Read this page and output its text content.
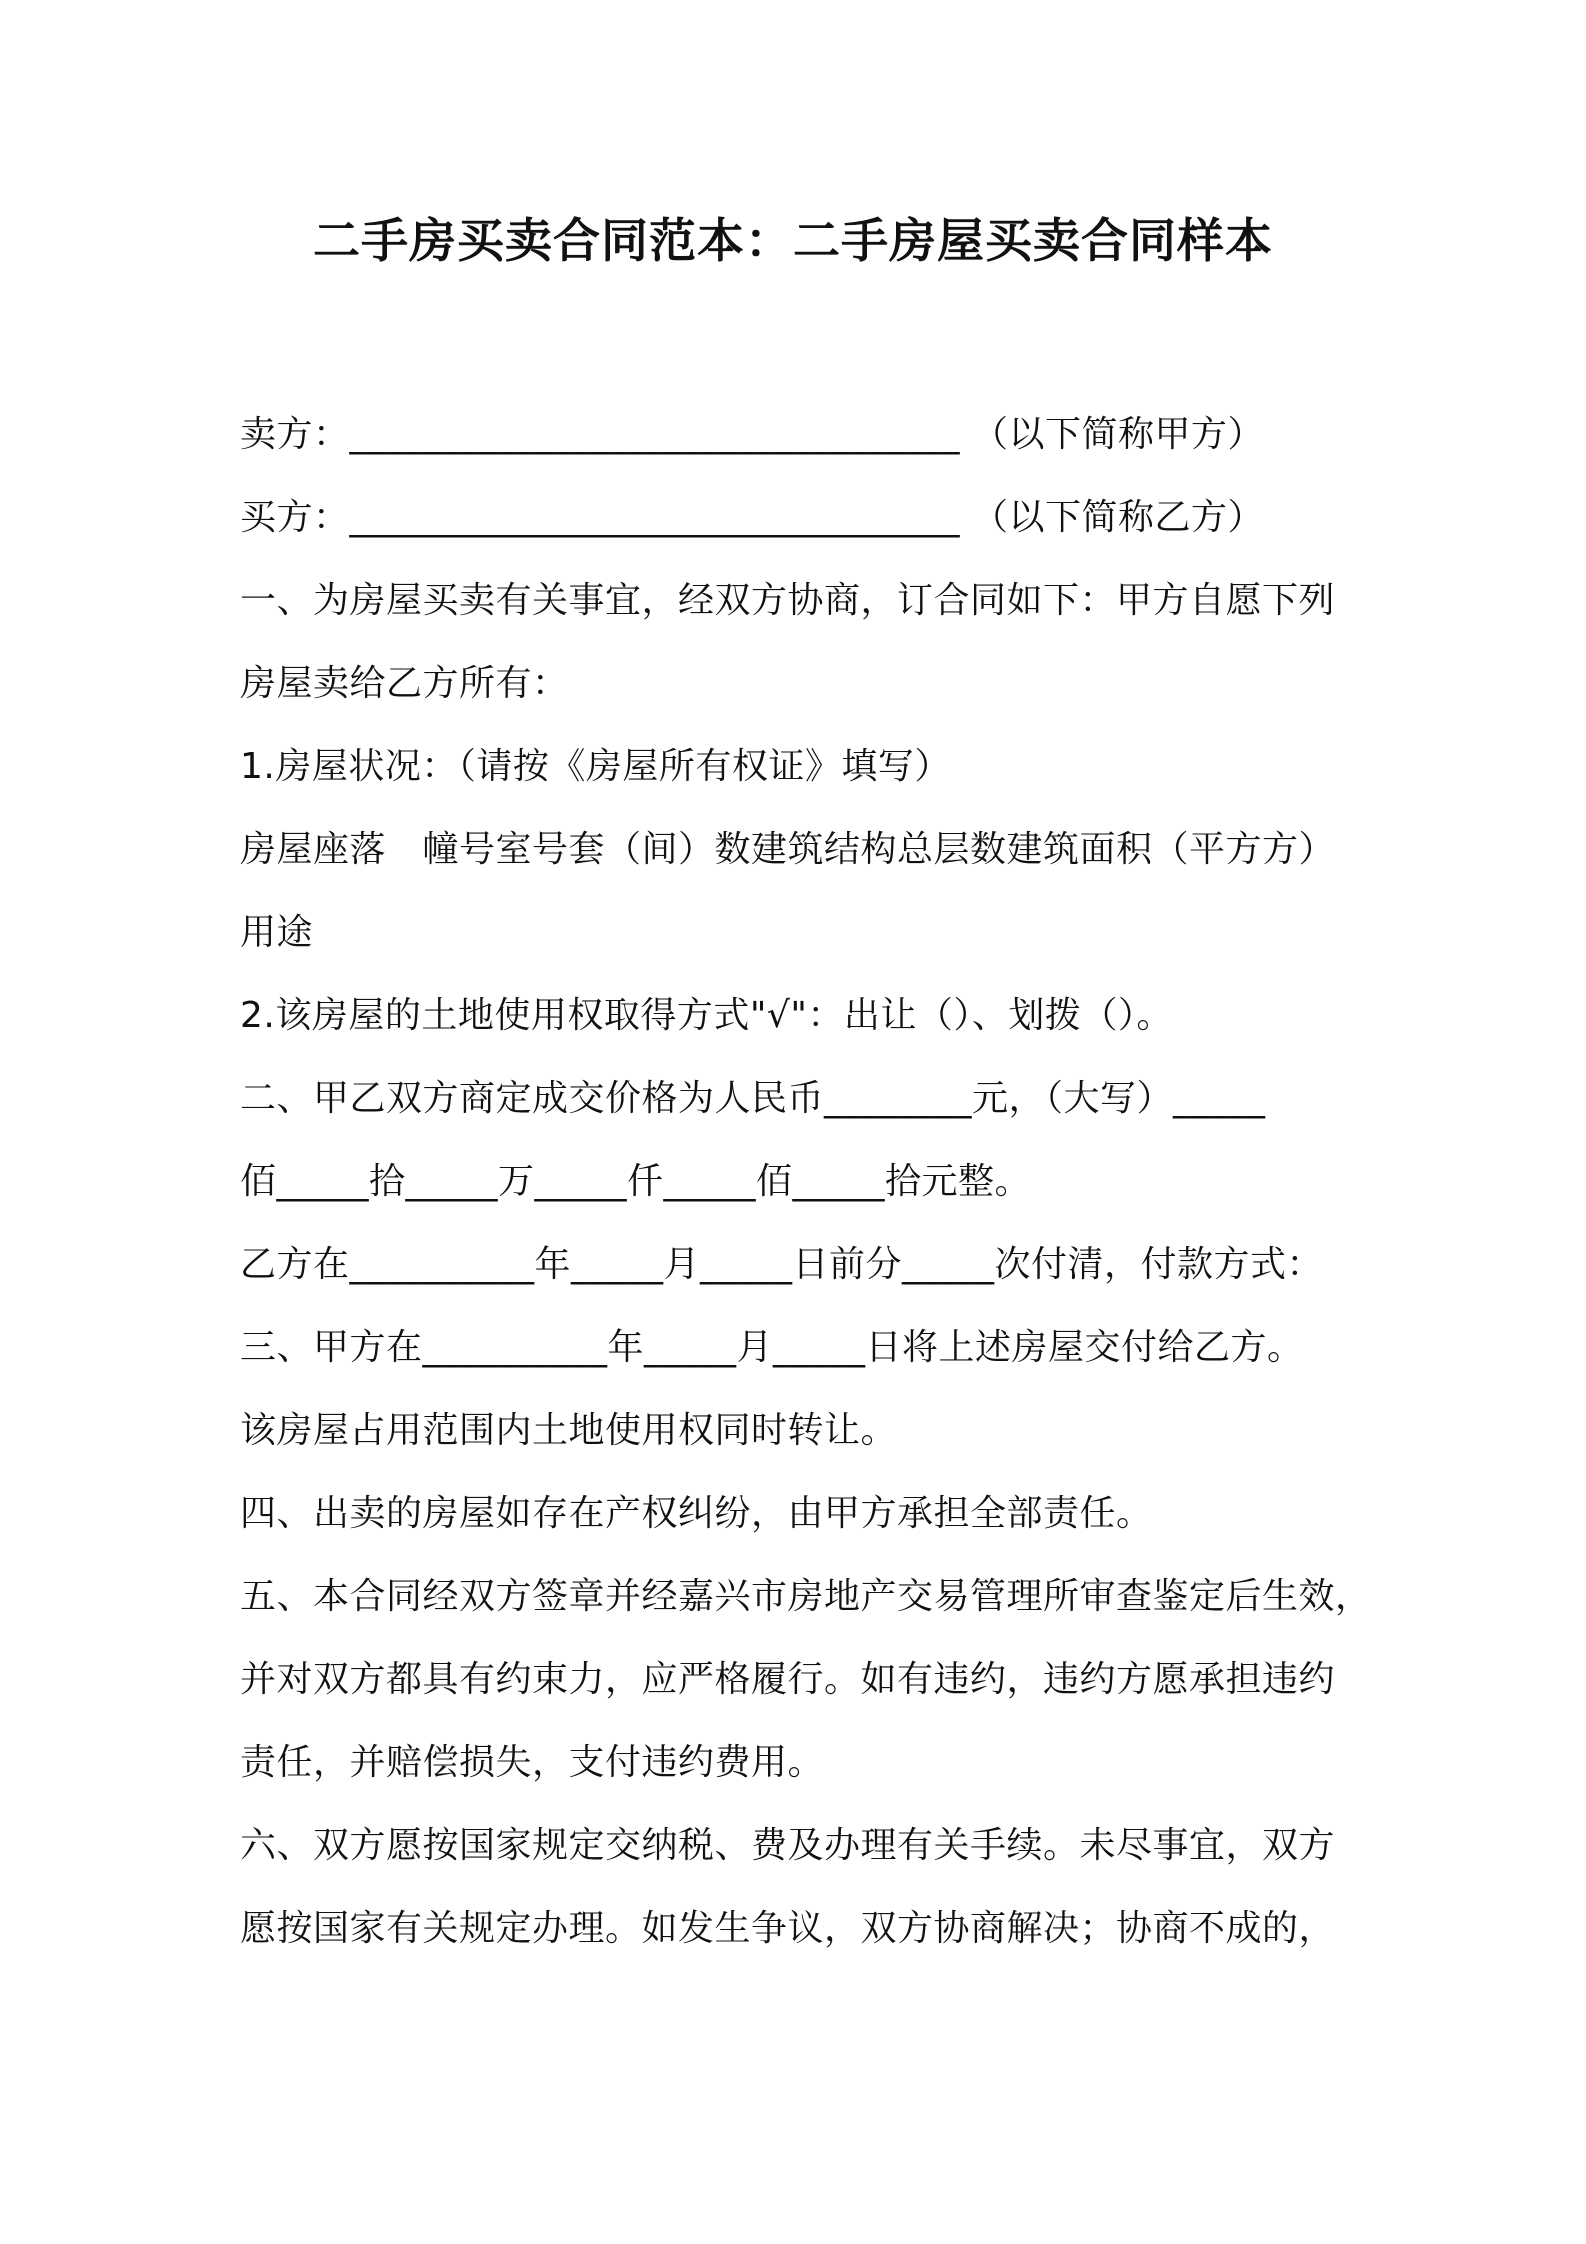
二手房买卖合同范本：二手房屋买卖合同样本
卖方：_________________________________ （以下简称甲方）
买方：_________________________________ （以下简称乙方）
一、为房屋买卖有关事宜，经双方协商，订合同如下：甲方自愿下列
房屋卖给乙方所有：
1.房屋状况：（请按《房屋所有权证》填写）
房屋座落　幢号室号套（间）数建筑结构总层数建筑面积（平方方）
用途
2.该房屋的土地使用权取得方式"√"：出让（）、划拨（）。
二、甲乙双方商定成交价格为人民币________元，（大写）_____
佰_____拾_____万_____仟_____佰_____拾元整。
乙方在__________年_____月_____日前分_____次付清，付款方式：
三、甲方在__________年_____月_____日将上述房屋交付给乙方。
该房屋占用范围内土地使用权同时转让。
四、出卖的房屋如存在产权纠纷，由甲方承担全部责任。
五、本合同经双方签章并经嘉兴市房地产交易管理所审查鉴定后生效，
并对双方都具有约束力，应严格履行。如有违约，违约方愿承担违约
责任，并赔偿损失，支付违约费用。
六、双方愿按国家规定交纳税、费及办理有关手续。未尽事宜，双方
愿按国家有关规定办理。如发生争议，双方协商解决；协商不成的，
